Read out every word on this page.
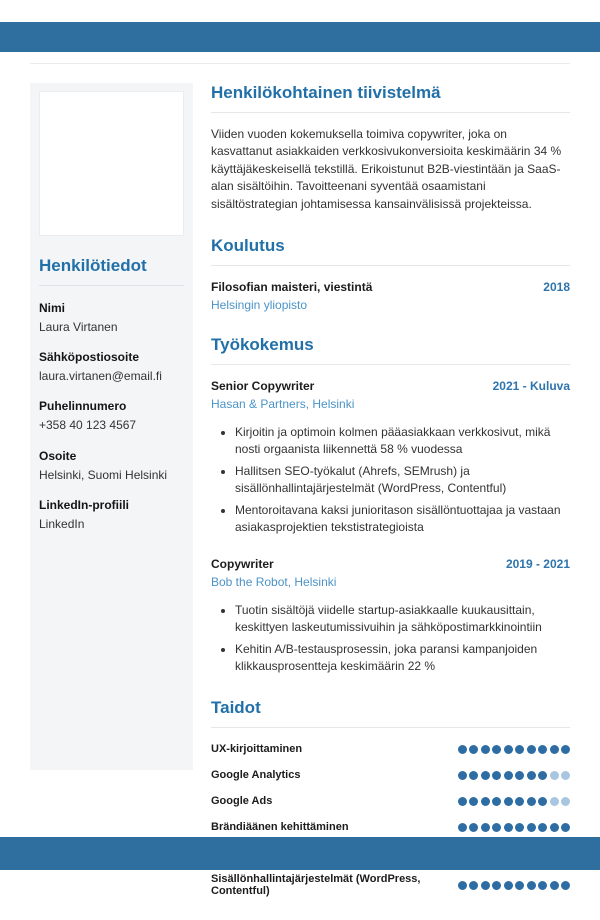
Henkilötiedot
Nimi
Laura Virtanen
Sähköpostiosoite
laura.virtanen@email.fi
Puhelinnumero
+358 40 123 4567
Osoite
Helsinki, Suomi Helsinki
LinkedIn-profiili
LinkedIn
Henkilökohtainen tiivistelmä

Viiden vuoden kokemuksella toimiva copywriter, joka on kasvattanut asiakkaiden verkkosivukonversioita keskimäärin 34 % käyttäjäkeskeisellä tekstillä. Erikoistunut B2B-viestintään ja SaaS-alan sisältöihin. Tavoitteenani syventää osaamistani sisältöstrategian johtamisessa kansainvälisissä projekteissa.

Koulutus
Filosofian maisteri, viestintä	2018
Helsingin yliopisto
Työkokemus
Senior Copywriter	2021 - Kuluva
Hasan & Partners, Helsinki
• Kirjoitin ja optimoin kolmen pääasiakkaan verkkosivut, mikä nosti orgaanista liikennettä 58 % vuodessa
• Hallitsen SEO-työkalut (Ahrefs, SEMrush) ja sisällönhallintajärjestelmät (WordPress, Contentful)
• Mentoroitavana kaksi junioritason sisällöntuottajaa ja vastaan asiakasprojektien tekstistrategioista
Copywriter	2019 - 2021
Bob the Robot, Helsinki
• Tuotin sisältöjä viidelle startup-asiakkaalle kuukausittain, keskittyen laskeutumissivuihin ja sähköpostimarkkinointiin
• Kehitin A/B-testausprosessin, joka paransi kampanjoiden klikkausprosentteja keskimäärin 22 %
Taidot
UX-kirjoittaminen
Google Analytics
Google Ads
Brändiäänen kehittäminen
Sisällönhallintajärjestelmät (WordPress, Contentful)
